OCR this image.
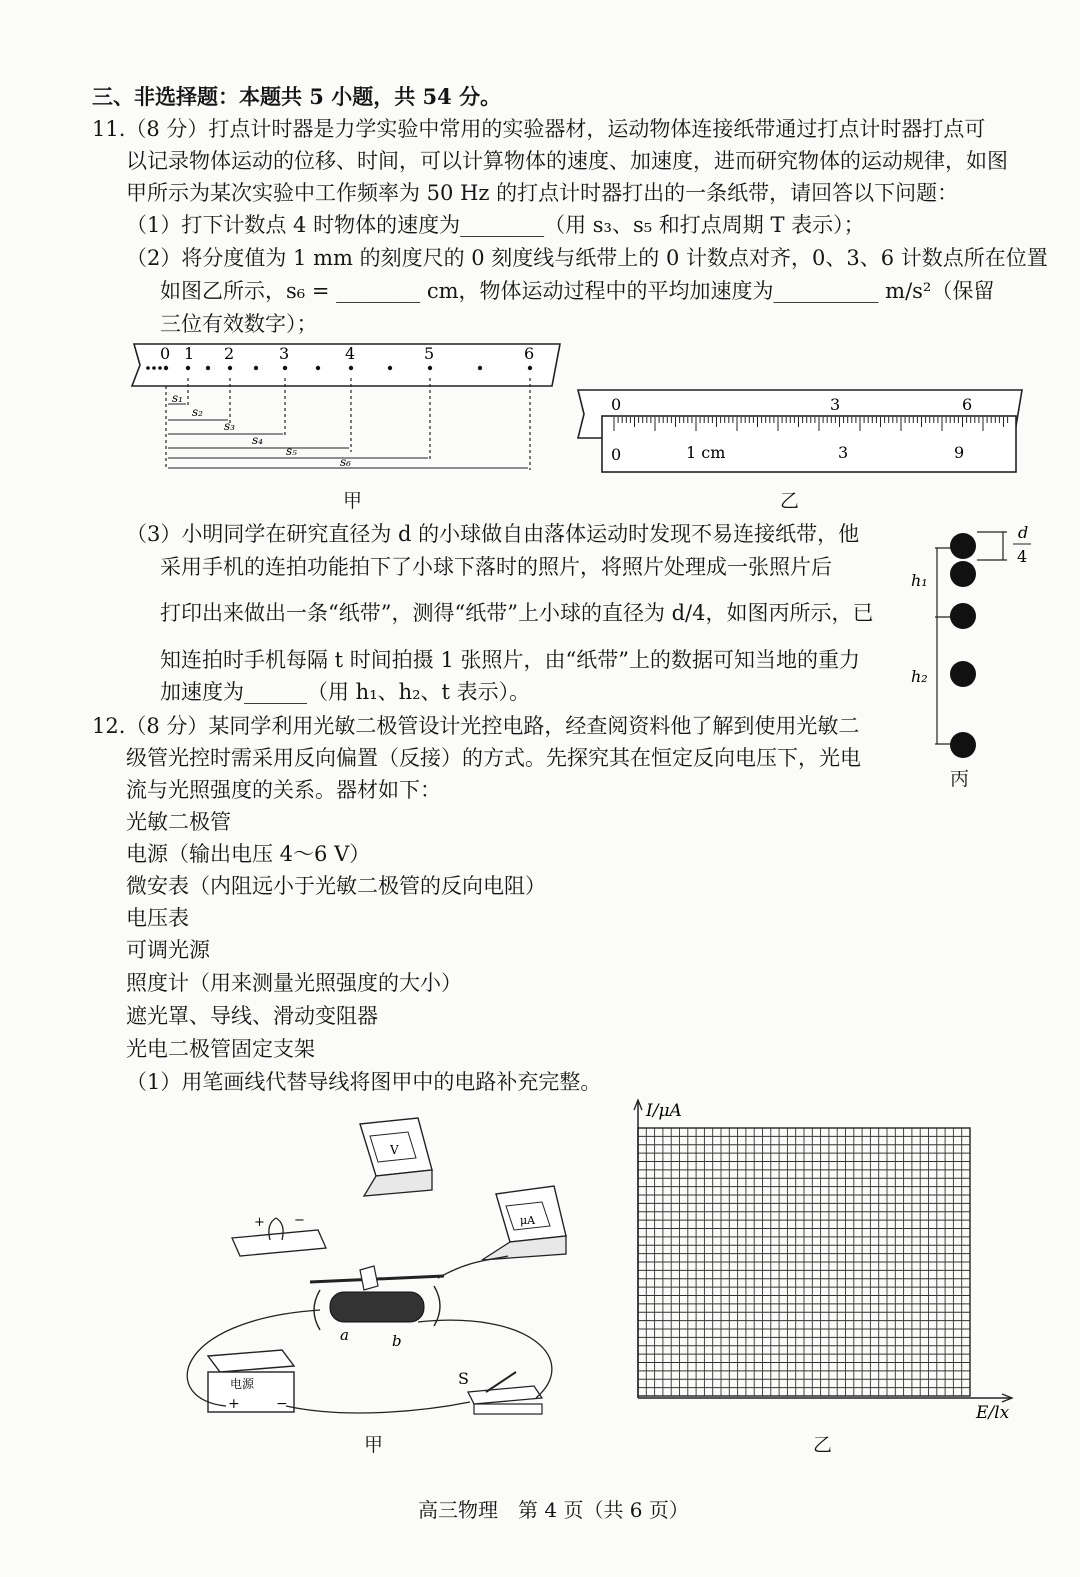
三、非选择题：本题共 5 小题，共 54 分。
11.（8 分）打点计时器是力学实验中常用的实验器材，运动物体连接纸带通过打点计时器打点可
以记录物体运动的位移、时间，可以计算物体的速度、加速度，进而研究物体的运动规律，如图
甲所示为某次实验中工作频率为 50 Hz 的打点计时器打出的一条纸带，请回答以下问题：
（1）打下计数点 4 时物体的速度为________（用 s₃、s₅ 和打点周期 T 表示）；
（2）将分度值为 1 mm 的刻度尺的 0 刻度线与纸带上的 0 计数点对齐，0、3、6 计数点所在位置
如图乙所示，s₆ = ________ cm，物体运动过程中的平均加速度为__________ m/s²（保留
三位有效数字）；
（3）小明同学在研究直径为 d 的小球做自由落体运动时发现不易连接纸带，他
采用手机的连拍功能拍下了小球下落时的照片，将照片处理成一张照片后
打印出来做出一条“纸带”，测得“纸带”上小球的直径为 d/4，如图丙所示，已
知连拍时手机每隔 t 时间拍摄 1 张照片，由“纸带”上的数据可知当地的重力
加速度为______（用 h₁、h₂、t 表示）。
12.（8 分）某同学利用光敏二极管设计光控电路，经查阅资料他了解到使用光敏二
级管光控时需采用反向偏置（反接）的方式。先探究其在恒定反向电压下，光电
流与光照强度的关系。器材如下：
光敏二极管
电源（输出电压 4～6 V）
微安表（内阻远小于光敏二极管的反向电阻）
电压表
可调光源
照度计（用来测量光照强度的大小）
遮光罩、导线、滑动变阻器
光电二极管固定支架
（1）用笔画线代替导线将图甲中的电路补充完整。
0 1 2	3	4	5	6
s₁
s₂
s₃
s₄
s₅
s₆
甲
0	3	6
0	1 cm	3	9
乙
d
4
h₁
h₂
丙
V
+ −	μA
a	b
电源
+	−
S
甲
I/μA
E/lx
乙
高三物理　第 4 页（共 6 页）
